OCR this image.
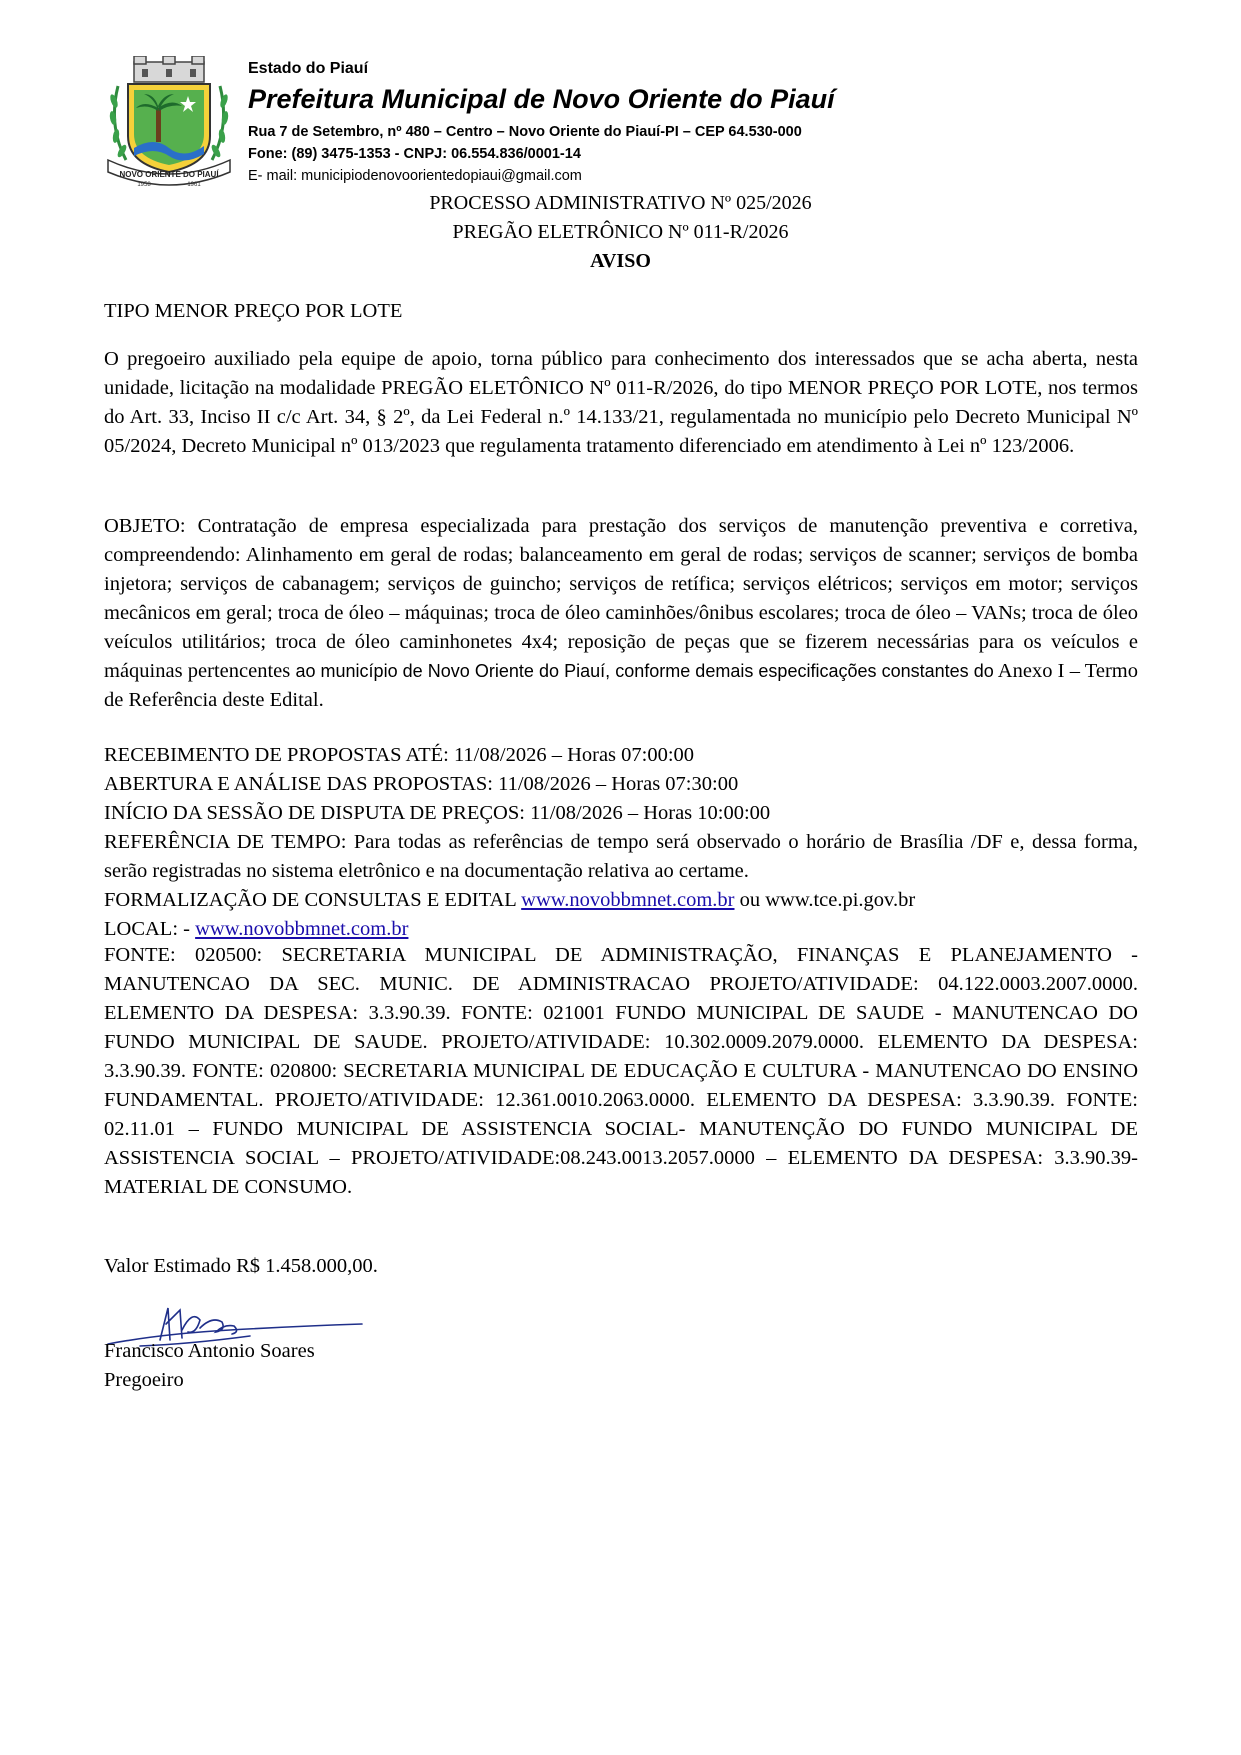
NOVO ORIENTE DO PIAUÍ
1958	1961
Estado do Piauí
Prefeitura Municipal de Novo Oriente do Piauí
Rua 7 de Setembro, nº 480 – Centro – Novo Oriente do Piauí-PI – CEP 64.530-000
Fone: (89) 3475-1353 - CNPJ: 06.554.836/0001-14
E- mail: municipiodenovoorientedopiaui@gmail.com
PROCESSO ADMINISTRATIVO Nº 025/2026
PREGÃO ELETRÔNICO Nº 011-R/2026
AVISO
TIPO MENOR PREÇO POR LOTE
O pregoeiro auxiliado pela equipe de apoio, torna público para conhecimento dos interessados que se acha aberta, nesta unidade, licitação na modalidade PREGÃO ELETÔNICO Nº 011-R/2026, do tipo MENOR PREÇO POR LOTE, nos termos do Art. 33, Inciso II c/c Art. 34, § 2º, da Lei Federal n.º 14.133/21, regulamentada no município pelo Decreto Municipal Nº 05/2024, Decreto Municipal nº 013/2023 que regulamenta tratamento diferenciado em atendimento à Lei nº 123/2006.
OBJETO: Contratação de empresa especializada para prestação dos serviços de manutenção preventiva e corretiva, compreendendo: Alinhamento em geral de rodas; balanceamento em geral de rodas; serviços de scanner; serviços de bomba injetora; serviços de cabanagem; serviços de guincho; serviços de retífica; serviços elétricos; serviços em motor; serviços mecânicos em geral; troca de óleo – máquinas; troca de óleo caminhões/ônibus escolares; troca de óleo – VANs; troca de óleo veículos utilitários; troca de óleo caminhonetes 4x4; reposição de peças que se fizerem necessárias para os veículos e máquinas pertencentes ao município de Novo Oriente do Piauí, conforme demais especificações constantes do Anexo I – Termo de Referência deste Edital.
RECEBIMENTO DE PROPOSTAS ATÉ: 11/08/2026 – Horas 07:00:00
ABERTURA E ANÁLISE DAS PROPOSTAS: 11/08/2026 – Horas 07:30:00
INÍCIO DA SESSÃO DE DISPUTA DE PREÇOS: 11/08/2026 – Horas 10:00:00
REFERÊNCIA DE TEMPO: Para todas as referências de tempo será observado o horário de Brasília /DF e, dessa forma, serão registradas no sistema eletrônico e na documentação relativa ao certame.
FORMALIZAÇÃO DE CONSULTAS E EDITAL www.novobbmnet.com.br ou www.tce.pi.gov.br
LOCAL: - www.novobbmnet.com.br
FONTE: 020500: SECRETARIA MUNICIPAL DE ADMINISTRAÇÃO, FINANÇAS E PLANEJAMENTO - MANUTENCAO DA SEC. MUNIC. DE ADMINISTRACAO PROJETO/ATIVIDADE: 04.122.0003.2007.0000. ELEMENTO DA DESPESA: 3.3.90.39. FONTE: 021001 FUNDO MUNICIPAL DE SAUDE - MANUTENCAO DO FUNDO MUNICIPAL DE SAUDE. PROJETO/ATIVIDADE: 10.302.0009.2079.0000. ELEMENTO DA DESPESA: 3.3.90.39. FONTE: 020800: SECRETARIA MUNICIPAL DE EDUCAÇÃO E CULTURA - MANUTENCAO DO ENSINO FUNDAMENTAL. PROJETO/ATIVIDADE: 12.361.0010.2063.0000. ELEMENTO DA DESPESA: 3.3.90.39. FONTE: 02.11.01 – FUNDO MUNICIPAL DE ASSISTENCIA SOCIAL- MANUTENÇÃO DO FUNDO MUNICIPAL DE ASSISTENCIA SOCIAL – PROJETO/ATIVIDADE:08.243.0013.2057.0000 – ELEMENTO DA DESPESA: 3.3.90.39-MATERIAL DE CONSUMO.
Valor Estimado R$ 1.458.000,00.
Francisco Antonio Soares
Pregoeiro
